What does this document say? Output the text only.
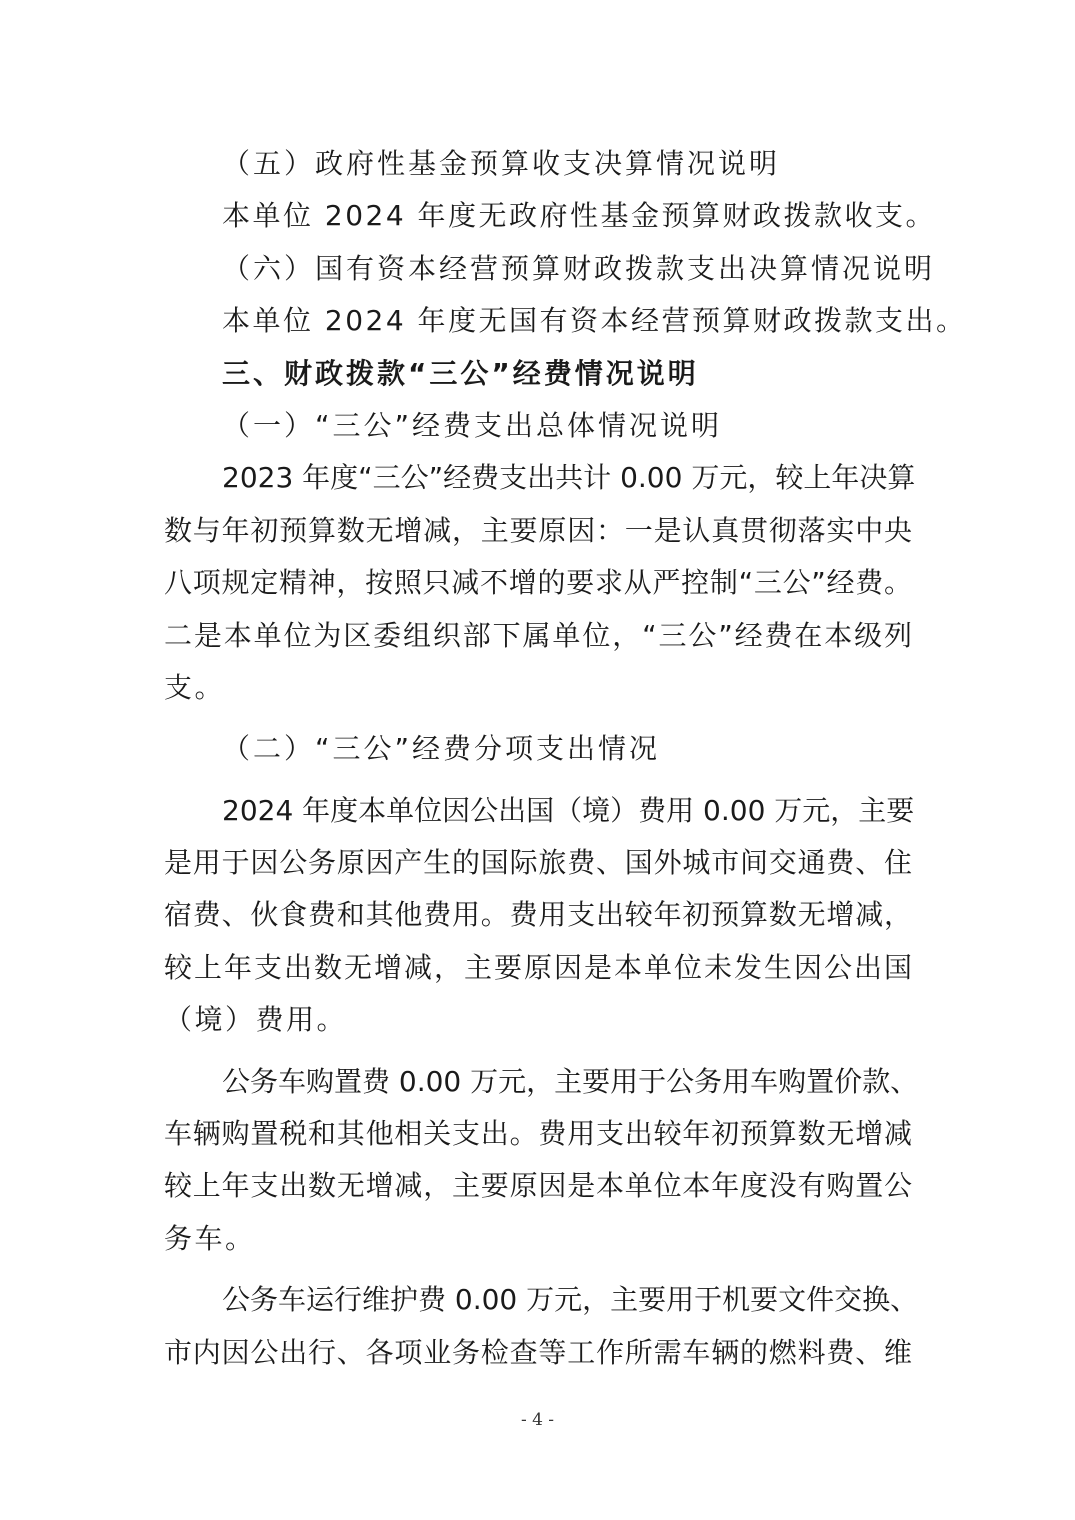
（五）政府性基金预算收支决算情况说明
本单位 2024 年度无政府性基金预算财政拨款收支。
（六）国有资本经营预算财政拨款支出决算情况说明
本单位 2024 年度无国有资本经营预算财政拨款支出。
三、财政拨款“三公”经费情况说明
（一）“三公”经费支出总体情况说明
2023 年度“三公”经费支出共计 0.00 万元，较上年决算
数与年初预算数无增减，主要原因：一是认真贯彻落实中央
八项规定精神，按照只减不增的要求从严控制“三公”经费。
二是本单位为区委组织部下属单位，“三公”经费在本级列
支。
（二）“三公”经费分项支出情况
2024 年度本单位因公出国（境）费用 0.00 万元，主要
是用于因公务原因产生的国际旅费、国外城市间交通费、住
宿费、伙食费和其他费用。费用支出较年初预算数无增减，
较上年支出数无增减，主要原因是本单位未发生因公出国
（境）费用。
公务车购置费 0.00 万元，主要用于公务用车购置价款、
车辆购置税和其他相关支出。费用支出较年初预算数无增减
较上年支出数无增减，主要原因是本单位本年度没有购置公
务车。
公务车运行维护费 0.00 万元，主要用于机要文件交换、
市内因公出行、各项业务检查等工作所需车辆的燃料费、维
- 4 -
